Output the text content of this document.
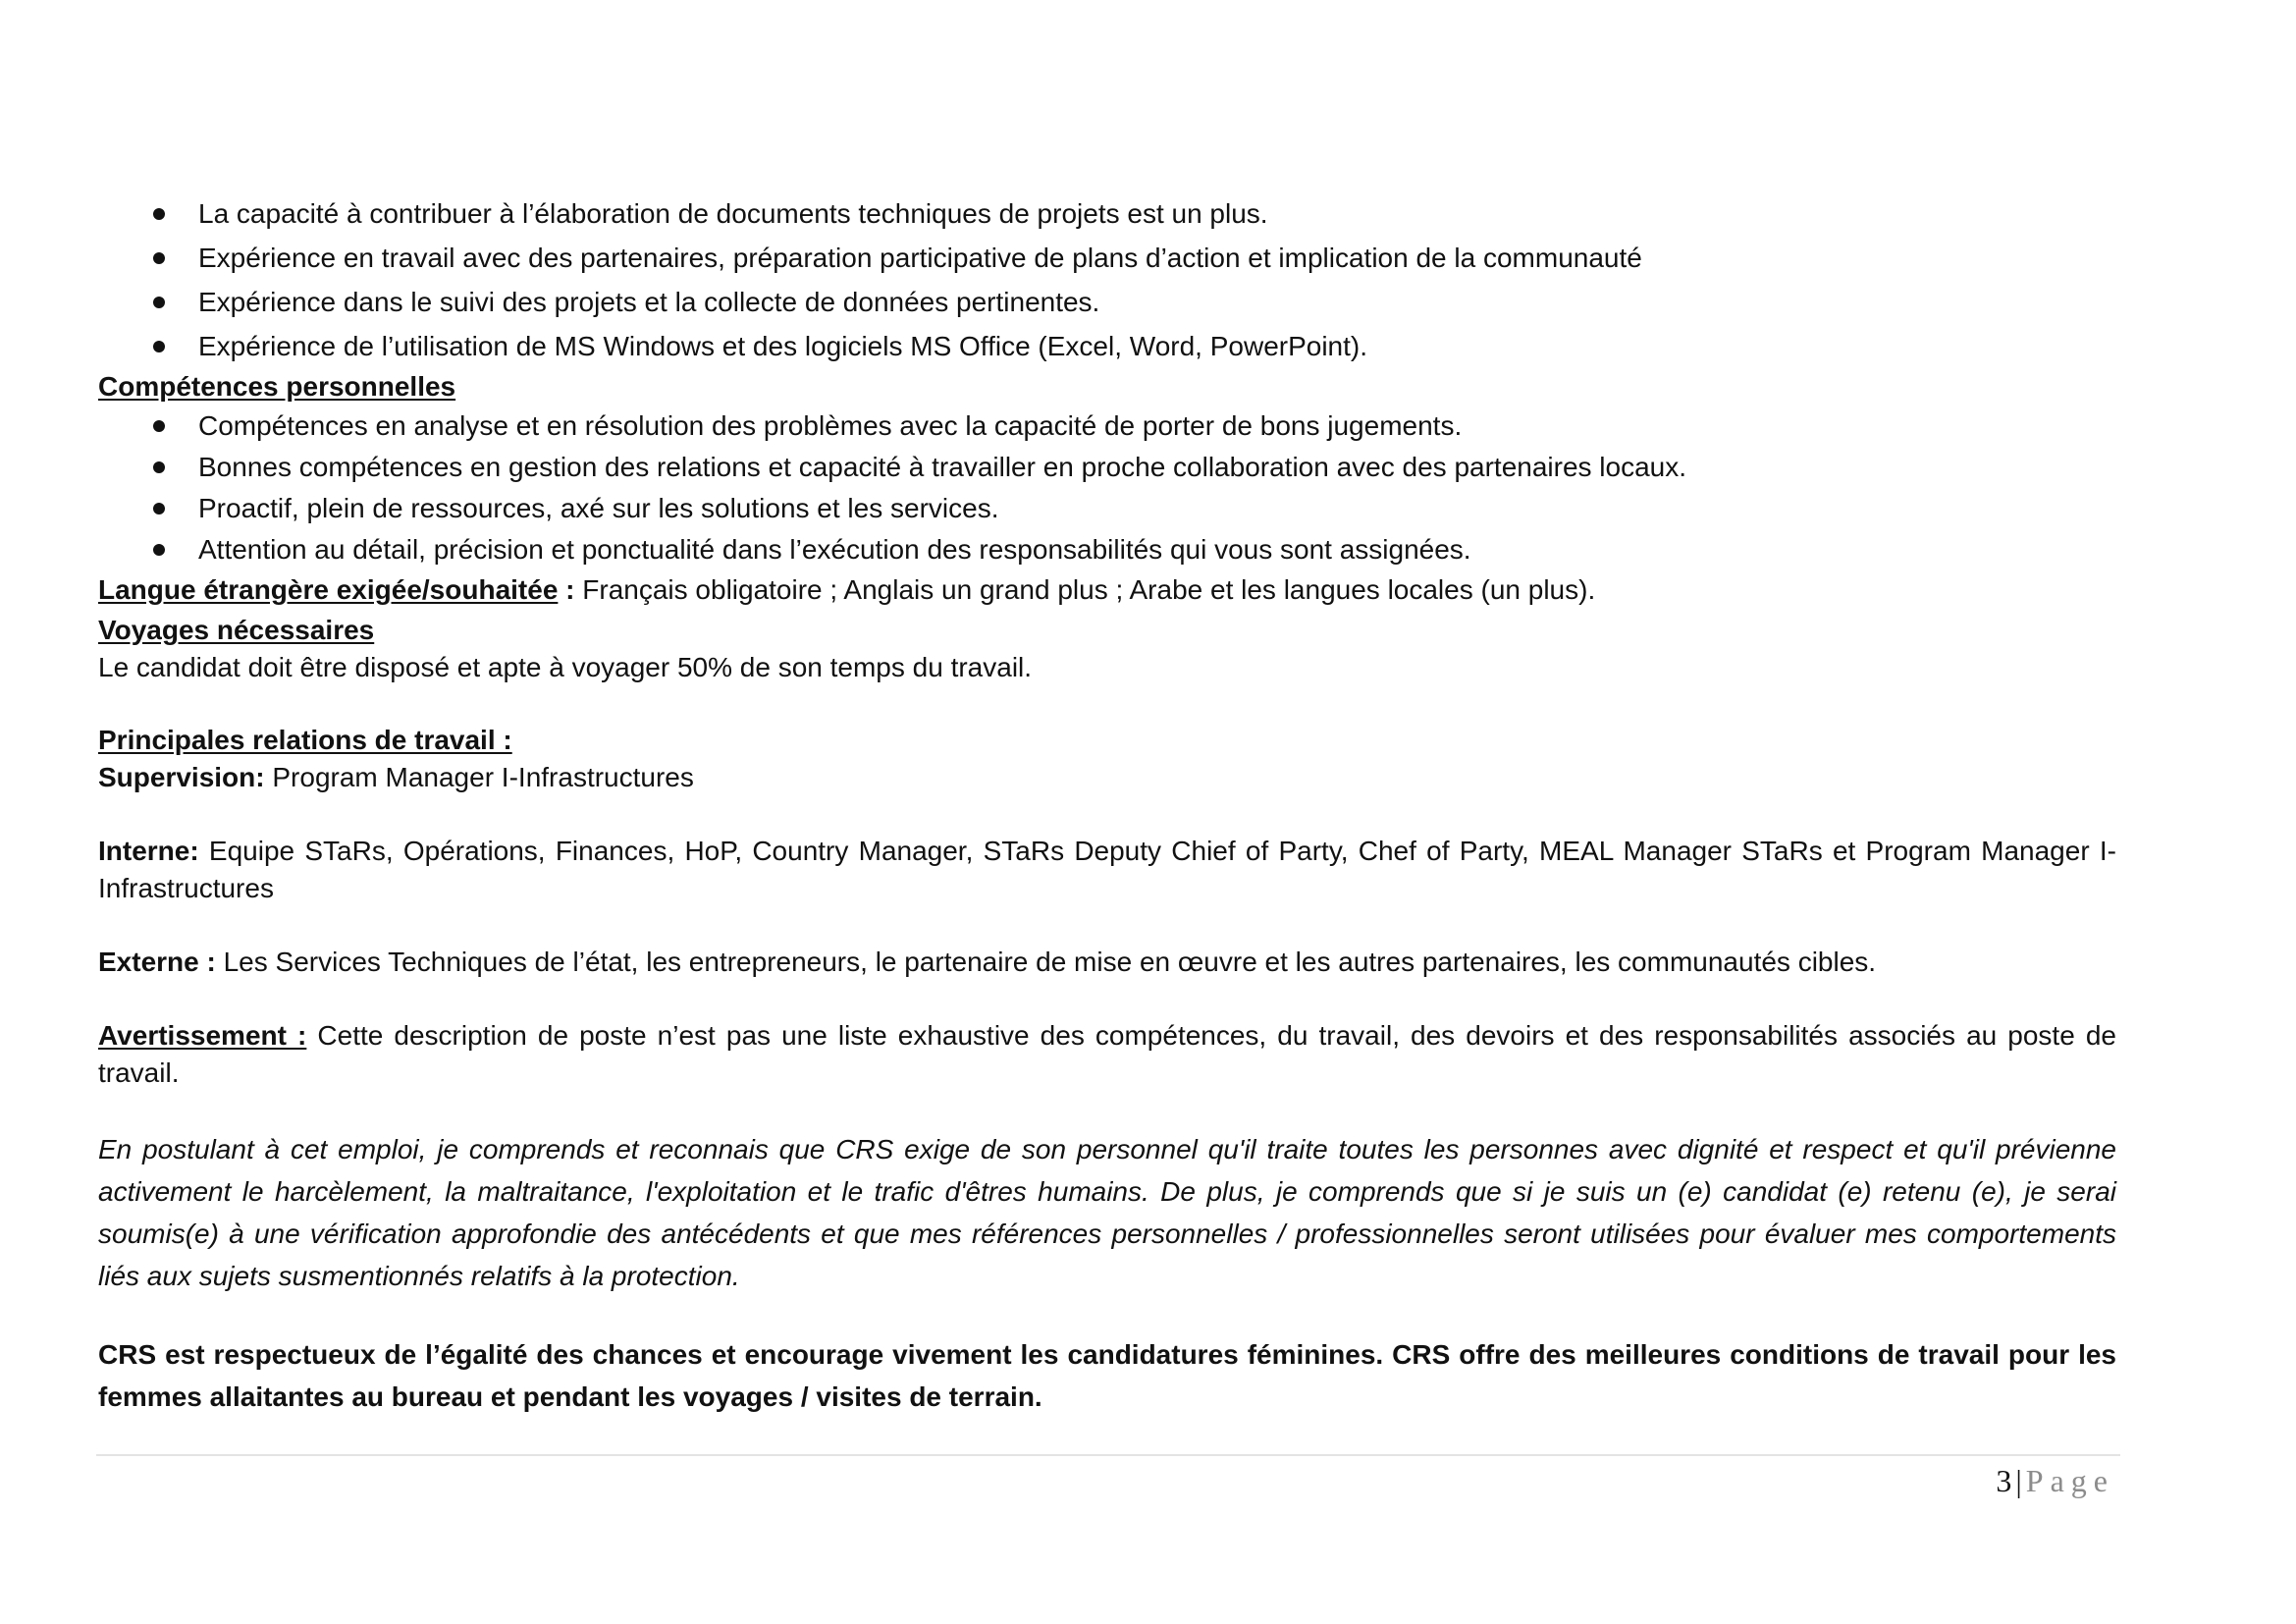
La capacité à contribuer à l’élaboration de documents techniques de projets est un plus.
Expérience en travail avec des partenaires, préparation participative de plans d’action et implication de la communauté
Expérience dans le suivi des projets et la collecte de données pertinentes.
Expérience de l’utilisation de MS Windows et des logiciels MS Office (Excel, Word, PowerPoint).
Compétences personnelles
Compétences en analyse et en résolution des problèmes avec la capacité de porter de bons jugements.
Bonnes compétences en gestion des relations et capacité à travailler en proche collaboration avec des partenaires locaux.
Proactif, plein de ressources, axé sur les solutions et les services.
Attention au détail, précision et ponctualité dans l’exécution des responsabilités qui vous sont assignées.
Langue étrangère exigée/souhaitée : Français obligatoire ; Anglais un grand plus ; Arabe et les langues locales (un plus).
Voyages nécessaires
Le candidat doit être disposé et apte à voyager 50% de son temps du travail.
Principales relations de travail :
Supervision: Program Manager I-Infrastructures
Interne: Equipe STaRs, Opérations, Finances, HoP, Country Manager, STaRs Deputy Chief of Party, Chef of Party, MEAL Manager STaRs et Program Manager I-Infrastructures
Externe : Les Services Techniques de l’état, les entrepreneurs, le partenaire de mise en œuvre et les autres partenaires, les communautés cibles.
Avertissement : Cette description de poste n’est pas une liste exhaustive des compétences, du travail, des devoirs et des responsabilités associés au poste de travail.
En postulant à cet emploi, je comprends et reconnais que CRS exige de son personnel qu'il traite toutes les personnes avec dignité et respect et qu'il prévienne activement le harcèlement, la maltraitance, l'exploitation et le trafic d'êtres humains. De plus, je comprends que si je suis un (e) candidat (e) retenu (e), je serai soumis(e) à une vérification approfondie des antécédents et que mes références personnelles / professionnelles seront utilisées pour évaluer mes comportements liés aux sujets susmentionnés relatifs à la protection.
CRS est respectueux de l’égalité des chances et encourage vivement les candidatures féminines. CRS offre des meilleures conditions de travail pour les femmes allaitantes au bureau et pendant les voyages / visites de terrain.
3 | Page
